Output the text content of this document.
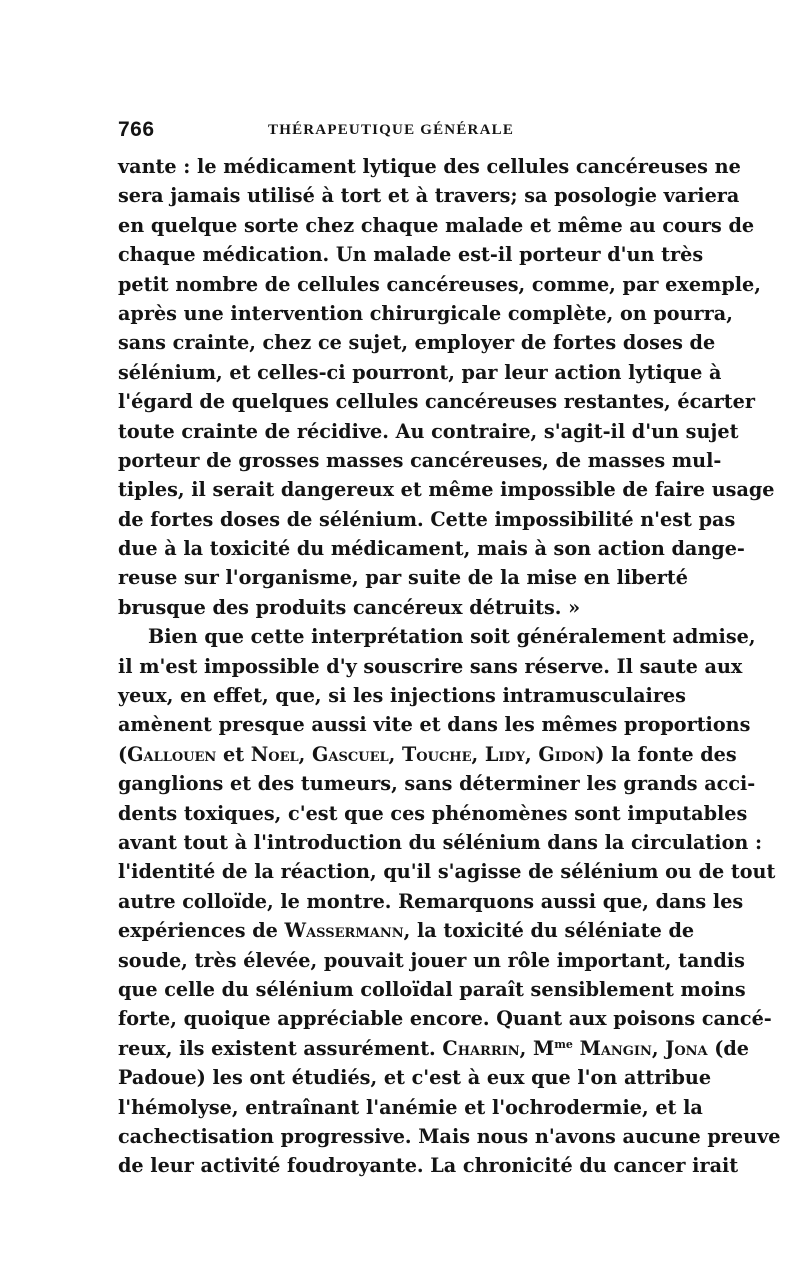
766	THÉRAPEUTIQUE GÉNÉRALE
vante : le médicament lytique des cellules cancéreuses ne
sera jamais utilisé à tort et à travers; sa posologie variera
en quelque sorte chez chaque malade et même au cours de
chaque médication. Un malade est-il porteur d'un très
petit nombre de cellules cancéreuses, comme, par exemple,
après une intervention chirurgicale complète, on pourra,
sans crainte, chez ce sujet, employer de fortes doses de
sélénium, et celles-ci pourront, par leur action lytique à
l'égard de quelques cellules cancéreuses restantes, écarter
toute crainte de récidive. Au contraire, s'agit-il d'un sujet
porteur de grosses masses cancéreuses, de masses mul-
tiples, il serait dangereux et même impossible de faire usage
de fortes doses de sélénium. Cette impossibilité n'est pas
due à la toxicité du médicament, mais à son action dange-
reuse sur l'organisme, par suite de la mise en liberté
brusque des produits cancéreux détruits. »
Bien que cette interprétation soit généralement admise,
il m'est impossible d'y souscrire sans réserve. Il saute aux
yeux, en effet, que, si les injections intramusculaires
amènent presque aussi vite et dans les mêmes proportions
(Gallouen et Noel, Gascuel, Touche, Lidy, Gidon) la fonte des
ganglions et des tumeurs, sans déterminer les grands acci-
dents toxiques, c'est que ces phénomènes sont imputables
avant tout à l'introduction du sélénium dans la circulation :
l'identité de la réaction, qu'il s'agisse de sélénium ou de tout
autre colloïde, le montre. Remarquons aussi que, dans les
expériences de Wassermann, la toxicité du séléniate de
soude, très élevée, pouvait jouer un rôle important, tandis
que celle du sélénium colloïdal paraît sensiblement moins
forte, quoique appréciable encore. Quant aux poisons cancé-
reux, ils existent assurément. Charrin, $M^{me}$ Mangin, Jona (de
Padoue) les ont étudiés, et c'est à eux que l'on attribue
l'hémolyse, entraînant l'anémie et l'ochrodermie, et la
cachectisation progressive. Mais nous n'avons aucune preuve
de leur activité foudroyante. La chronicité du cancer irait
